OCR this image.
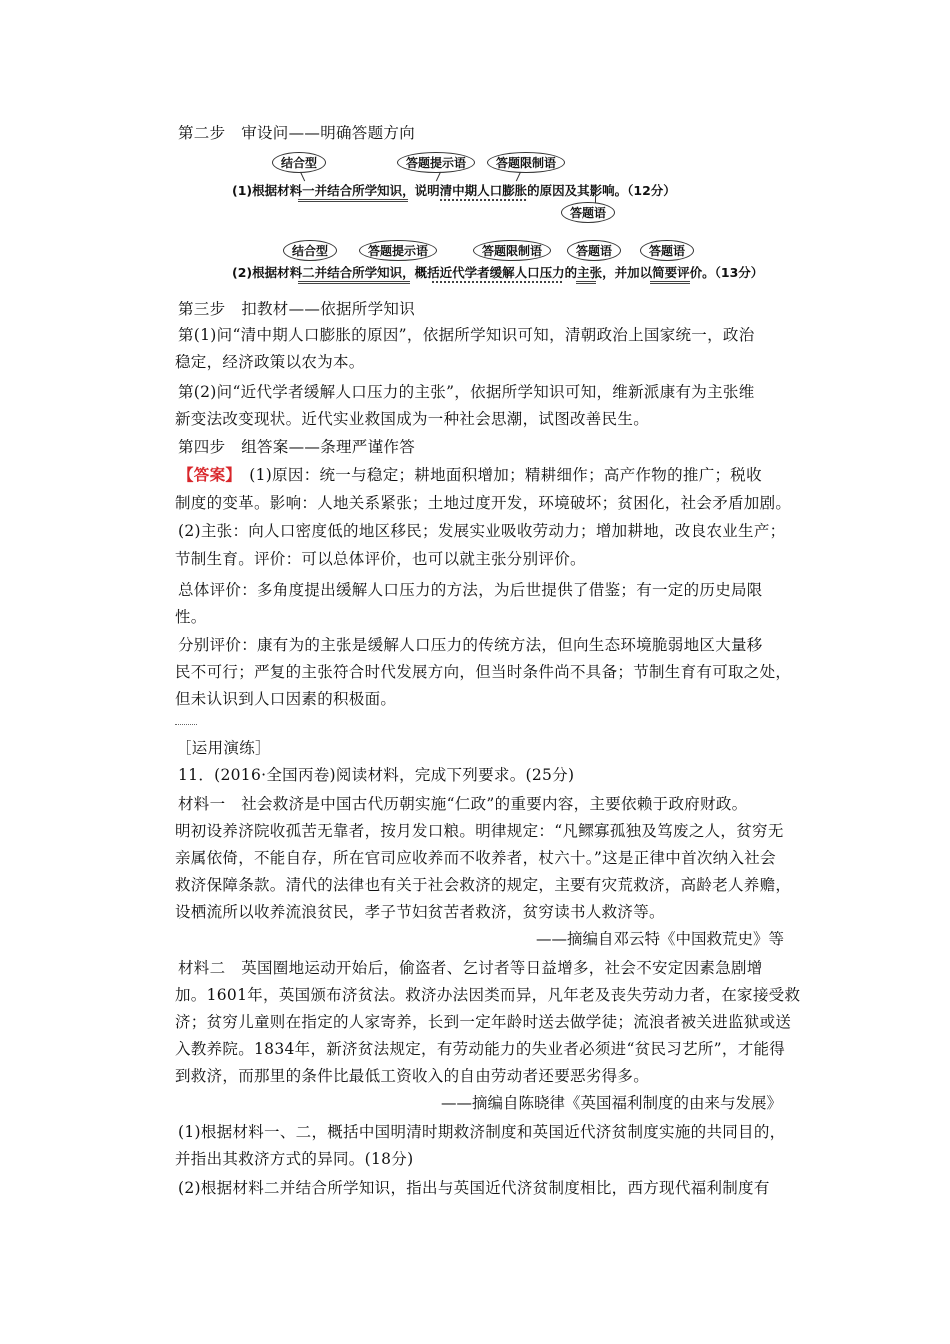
第二步　审设问——明确答题方向
结合型	答题提示语	答题限制语
(1)根据材料一并结合所学知识，说明清中期人口膨胀的原因及其影响。（12分）
答题语
结合型	答题提示语	答题限制语	答题语	答题语
(2)根据材料二并结合所学知识，概括近代学者缓解人口压力的主张，并加以简要评价。（13分）
第三步　扣教材——依据所学知识
第(1)问“清中期人口膨胀的原因”，依据所学知识可知，清朝政治上国家统一，政治
稳定，经济政策以农为本。
第(2)问“近代学者缓解人口压力的主张”，依据所学知识可知，维新派康有为主张维
新变法改变现状。近代实业救国成为一种社会思潮，试图改善民生。
第四步　组答案——条理严谨作答
【答案】　(1)原因：统一与稳定；耕地面积增加；精耕细作；高产作物的推广；税收
制度的变革。影响：人地关系紧张；土地过度开发，环境破坏；贫困化，社会矛盾加剧。
(2)主张：向人口密度低的地区移民；发展实业吸收劳动力；增加耕地，改良农业生产；
节制生育。评价：可以总体评价，也可以就主张分别评价。
总体评价：多角度提出缓解人口压力的方法，为后世提供了借鉴；有一定的历史局限
性。
分别评价：康有为的主张是缓解人口压力的传统方法，但向生态环境脆弱地区大量移
民不可行；严复的主张符合时代发展方向，但当时条件尚不具备；节制生育有可取之处，
但未认识到人口因素的积极面。
［运用演练］
11．(2016·全国丙卷)阅读材料，完成下列要求。(25分)
材料一　社会救济是中国古代历朝实施“仁政”的重要内容，主要依赖于政府财政。
明初设养济院收孤苦无靠者，按月发口粮。明律规定：“凡鳏寡孤独及笃废之人，贫穷无
亲属依倚，不能自存，所在官司应收养而不收养者，杖六十。”这是正律中首次纳入社会
救济保障条款。清代的法律也有关于社会救济的规定，主要有灾荒救济，高龄老人养赡，
设栖流所以收养流浪贫民，孝子节妇贫苦者救济，贫穷读书人救济等。
——摘编自邓云特《中国救荒史》等
材料二　英国圈地运动开始后，偷盗者、乞讨者等日益增多，社会不安定因素急剧增
加。1601年，英国颁布济贫法。救济办法因类而异，凡年老及丧失劳动力者，在家接受救
济；贫穷儿童则在指定的人家寄养，长到一定年龄时送去做学徒；流浪者被关进监狱或送
入教养院。1834年，新济贫法规定，有劳动能力的失业者必须进“贫民习艺所”，才能得
到救济，而那里的条件比最低工资收入的自由劳动者还要恶劣得多。
——摘编自陈晓律《英国福利制度的由来与发展》
(1)根据材料一、二，概括中国明清时期救济制度和英国近代济贫制度实施的共同目的，
并指出其救济方式的异同。(18分)
(2)根据材料二并结合所学知识，指出与英国近代济贫制度相比，西方现代福利制度有
